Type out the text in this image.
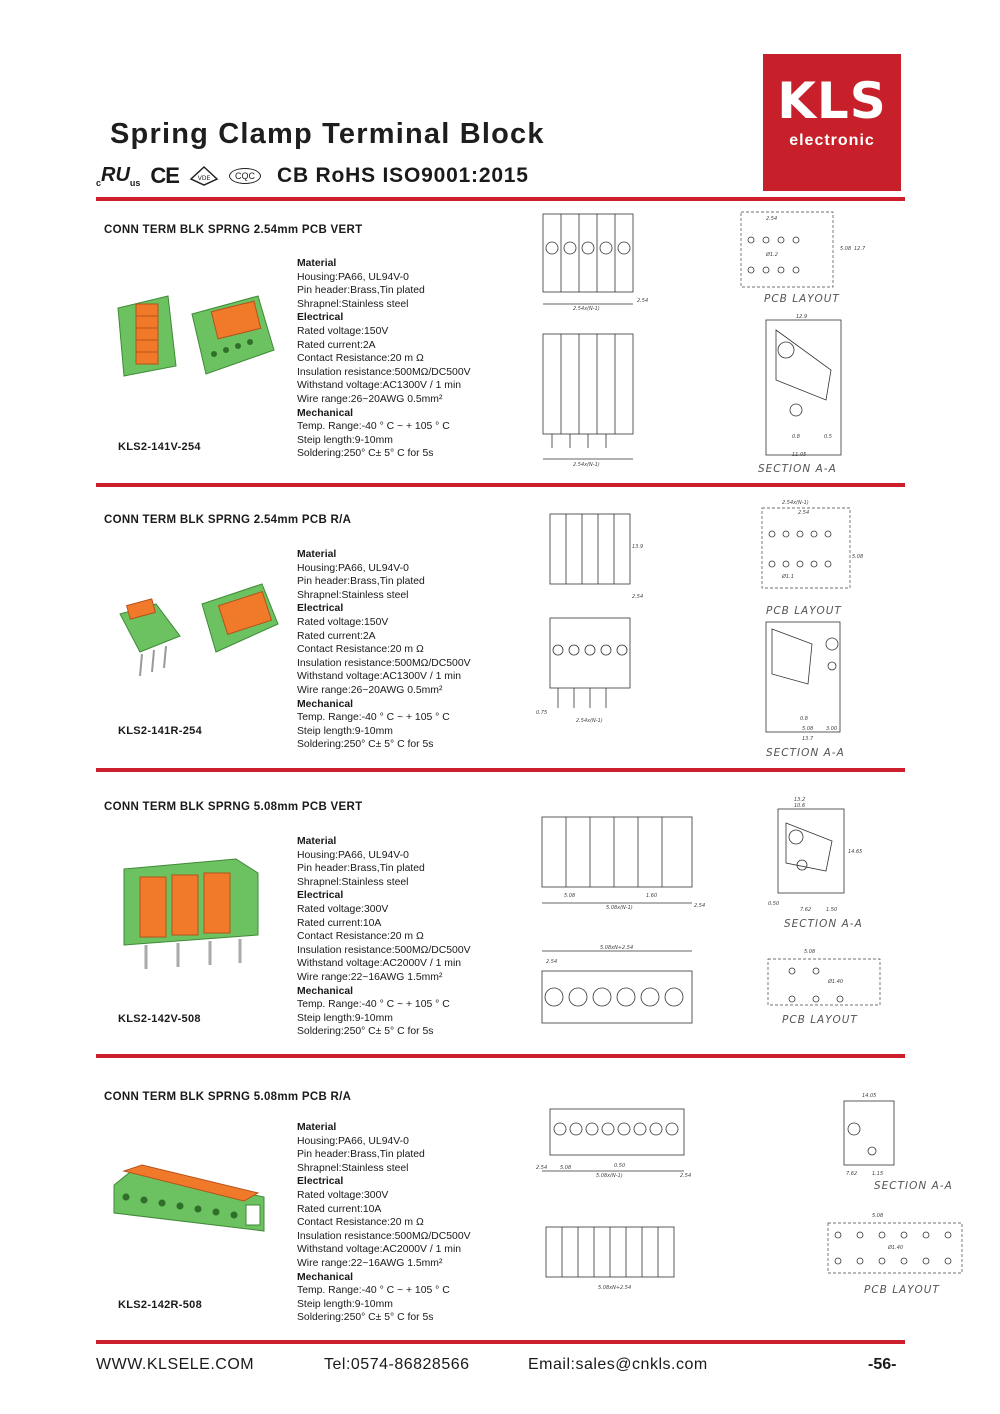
Spring Clamp Terminal Block
$_cRU_{us}$ CE	VDE	CQC CB RoHS ISO9001:2015
KLS
electronic
CONN TERM BLK SPRNG 2.54mm PCB VERT
KLS2-141V-254
Material
Housing:PA66, UL94V-0
Pin header:Brass,Tin plated
Shrapnel:Stainless steel
Electrical
Rated voltage:150V
Rated current:2A
Contact Resistance:20 m Ω
Insulation resistance:500MΩ/DC500V
Withstand voltage:AC1300V / 1 min
Wire range:26~20AWG 0.5mm²
Mechanical
Temp. Range:-40 ° C ~ + 105 ° C
Steip length:9-10mm
Soldering:250° C± 5° C for 5s
2.54x(N-1)
2.54
2.54x(N-1)
2.54
Ø1.2
5.08 12.7
PCB LAYOUT
12.9
0.8	0.5
11.05
SECTION A-A
CONN TERM BLK SPRNG 2.54mm PCB R/A
KLS2-141R-254
Material
Housing:PA66, UL94V-0
Pin header:Brass,Tin plated
Shrapnel:Stainless steel
Electrical
Rated voltage:150V
Rated current:2A
Contact Resistance:20 m Ω
Insulation resistance:500MΩ/DC500V
Withstand voltage:AC1300V / 1 min
Wire range:26~20AWG 0.5mm²
Mechanical
Temp. Range:-40 ° C ~ + 105 ° C
Steip length:9-10mm
Soldering:250° C± 5° C for 5s
13.9
2.54
2.54x(N-1)
0.75
2.54x(N-1)
2.54
Ø1.1
5.08
PCB LAYOUT
0.8
5.08	3.00
13.7
SECTION A-A
CONN TERM BLK SPRNG 5.08mm PCB VERT
KLS2-142V-508
Material
Housing:PA66, UL94V-0
Pin header:Brass,Tin plated
Shrapnel:Stainless steel
Electrical
Rated voltage:300V
Rated current:10A
Contact Resistance:20 m Ω
Insulation resistance:500MΩ/DC500V
Withstand voltage:AC2000V / 1 min
Wire range:22~16AWG 1.5mm²
Mechanical
Temp. Range:-40 ° C ~ + 105 ° C
Steip length:9-10mm
Soldering:250° C± 5° C for 5s
5.08	1.60
5.08x(N-1)	2.54
5.08xN+2.54
2.54
13.2
10.6
14.65
0.50
7.62	1.50
SECTION A-A
5.08
Ø1.40
PCB LAYOUT
CONN TERM BLK SPRNG 5.08mm PCB R/A
KLS2-142R-508
Material
Housing:PA66, UL94V-0
Pin header:Brass,Tin plated
Shrapnel:Stainless steel
Electrical
Rated voltage:300V
Rated current:10A
Contact Resistance:20 m Ω
Insulation resistance:500MΩ/DC500V
Withstand voltage:AC2000V / 1 min
Wire range:22~16AWG 1.5mm²
Mechanical
Temp. Range:-40 ° C ~ + 105 ° C
Steip length:9-10mm
Soldering:250° C± 5° C for 5s
2.54	5.08	0.50
5.08x(N-1)	2.54
5.08xN+2.54
14.05
7.62	1.15
SECTION A-A
5.08
Ø1.40
PCB LAYOUT
WWW.KLSELE.COM	Tel:0574-86828566	Email:sales@cnkls.com	-56-
